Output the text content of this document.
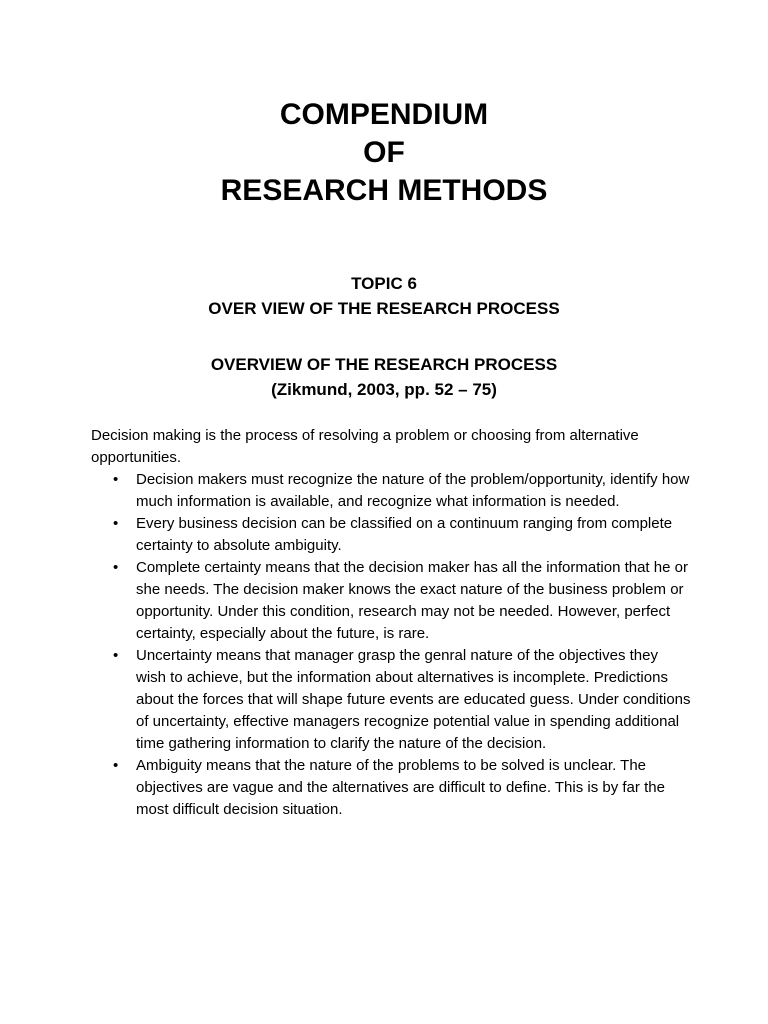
COMPENDIUM
OF
RESEARCH METHODS
TOPIC 6
OVER VIEW OF THE RESEARCH PROCESS
OVERVIEW OF THE RESEARCH PROCESS
(Zikmund, 2003, pp. 52 – 75)

Decision making is the process of resolving a problem or choosing from alternative opportunities.

• Decision makers must recognize the nature of the problem/opportunity, identify how much information is available, and recognize what information is needed.
• Every business decision can be classified on a continuum ranging from complete certainty to absolute ambiguity.
• Complete certainty means that the decision maker has all the information that he or she needs. The decision maker knows the exact nature of the business problem or opportunity. Under this condition, research may not be needed. However, perfect certainty, especially about the future, is rare.
• Uncertainty means that manager grasp the genral nature of the objectives they wish to achieve, but the information about alternatives is incomplete. Predictions about the forces that will shape future events are educated guess. Under conditions of uncertainty, effective managers recognize potential value in spending additional time gathering information to clarify the nature of the decision.
• Ambiguity means that the nature of the problems to be solved is unclear. The objectives are vague and the alternatives are difficult to define. This is by far the most difficult decision situation.
